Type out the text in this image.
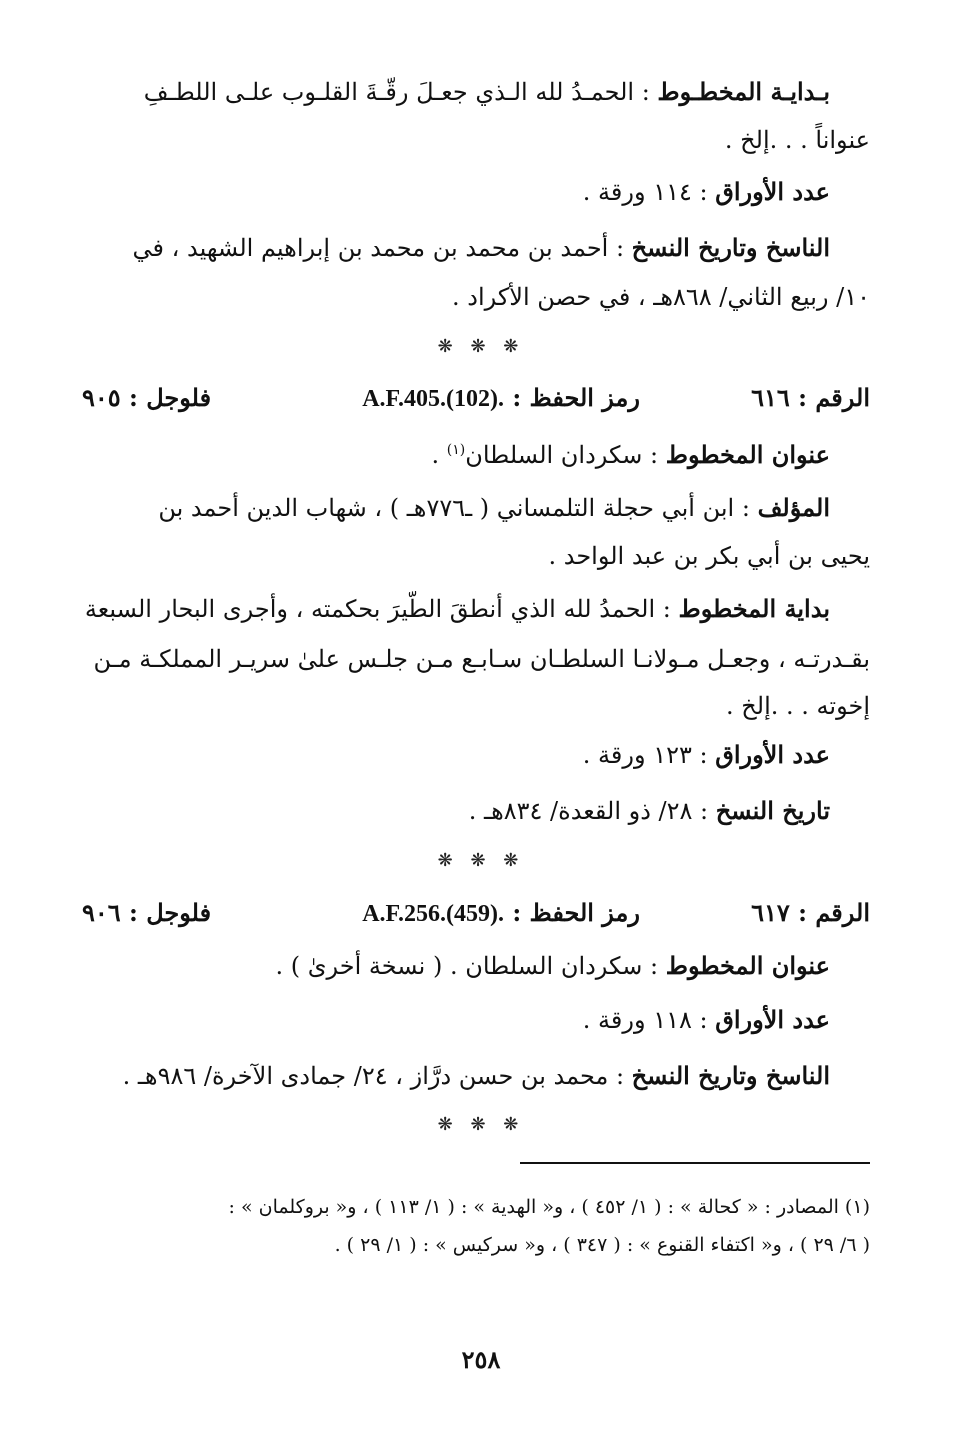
بـدايـة المخطـوط : الحمـدُ لله الـذي جعـلَ رقّـةَ القلـوب علـى اللطـفِ
عنواناً . . .إلخ .
عدد الأوراق : ١١٤ ورقة .
الناسخ وتاريخ النسخ : أحمد بن محمد بن محمد بن إبراهيم الشهيد ، في
١٠/ ربيع الثاني/ ٨٦٨هـ ، في حصن الأكراد .
❋ ❋ ❋
الرقم : ٦١٦
رمز الحفظ : A.F.405.(102).
فلوجل : ٩٠٥
عنوان المخطوط : سكردان السلطان$^{(١)}$ .
المؤلف : ابن أبي حجلة التلمساني ( ـ٧٧٦هـ ) ، شهاب الدين أحمد بن
يحيى بن أبي بكر بن عبد الواحد .
بداية المخطوط : الحمدُ لله الذي أنطقَ الطَّيرَ بحكمته ، وأجرى البحار السبعة
بقـدرتـه ، وجعـل مـولانـا السلطـان سـابـع مـن جلـس علىٰ سريـر المملكـة مـن
إخوته . . .إلخ .
عدد الأوراق : ١٢٣ ورقة .
تاريخ النسخ : ٢٨/ ذو القعدة/ ٨٣٤هـ .
❋ ❋ ❋
الرقم : ٦١٧
رمز الحفظ : A.F.256.(459).
فلوجل : ٩٠٦
عنوان المخطوط : سكردان السلطان . ( نسخة أخرىٰ ) .
عدد الأوراق : ١١٨ ورقة .
الناسخ وتاريخ النسخ : محمد بن حسن درَّاز ، ٢٤/ جمادى الآخرة/ ٩٨٦هـ .
❋ ❋ ❋
(١) المصادر : « كحالة » : ( ١/ ٤٥٢ ) ، و« الهدية » : ( ١/ ١١٣ ) ، و« بروكلمان » :
( ٦/ ٢٩ ) ، و« اكتفاء القنوع » : ( ٣٤٧ ) ، و« سركيس » : ( ١/ ٢٩ ) .
٢٥٨
